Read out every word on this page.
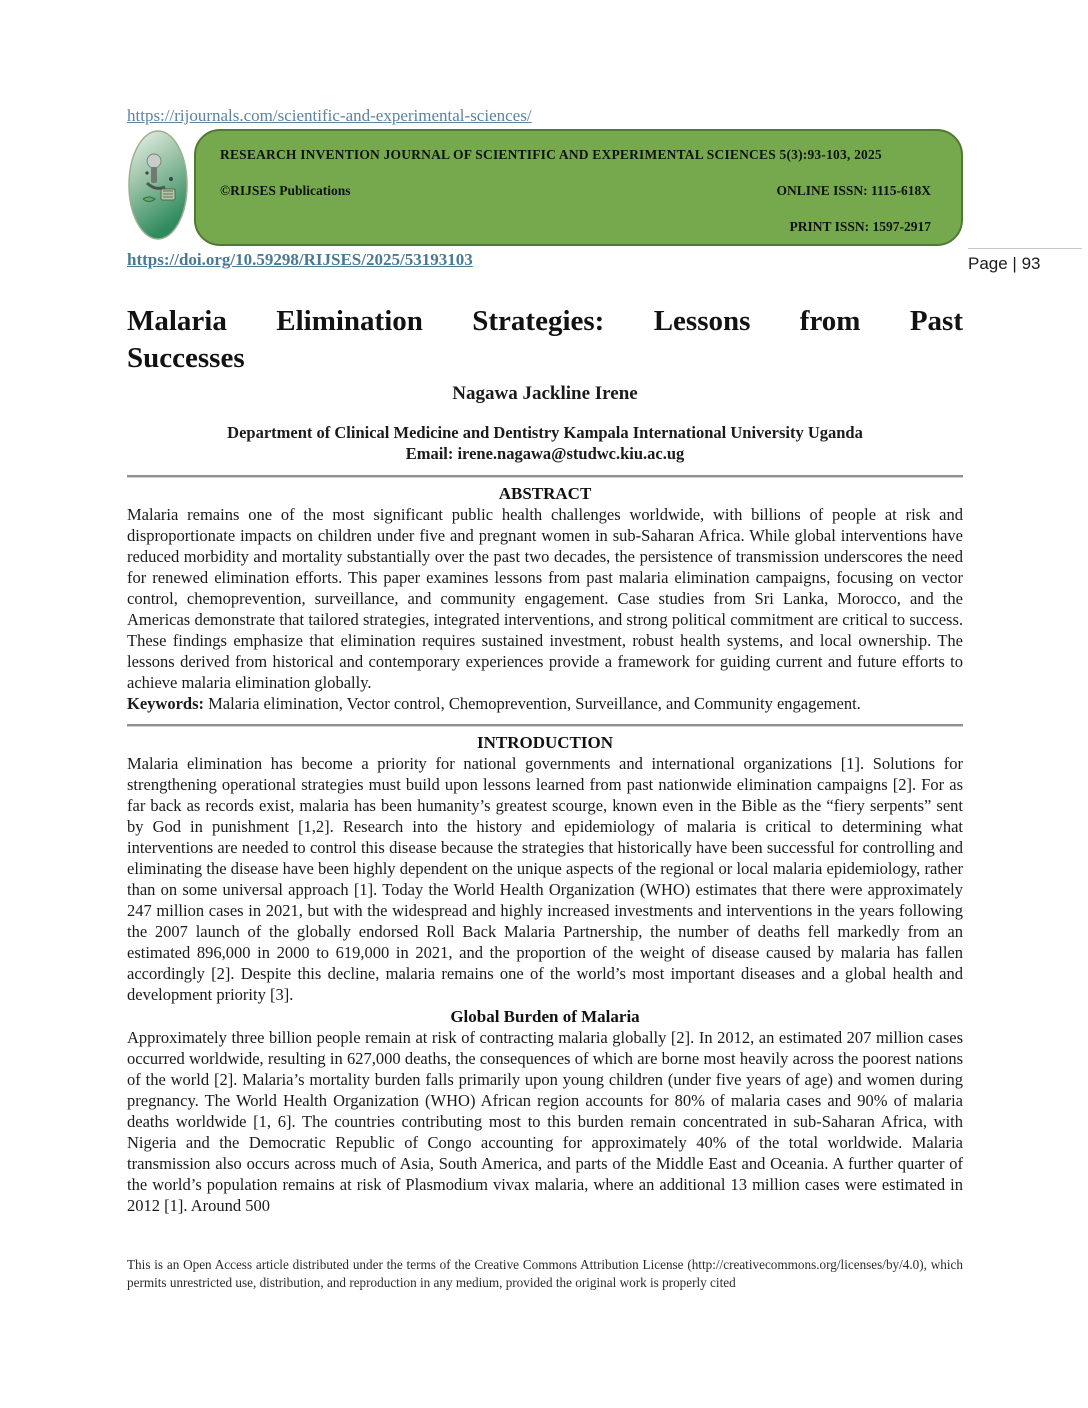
https://rijournals.com/scientific-and-experimental-sciences/
RESEARCH INVENTION JOURNAL OF SCIENTIFIC AND EXPERIMENTAL SCIENCES 5(3):93-103, 2025
©RIJSES Publications	ONLINE ISSN: 1115-618X
PRINT ISSN: 1597-2917
https://doi.org/10.59298/RIJSES/2025/53193103
Malaria Elimination Strategies: Lessons from Past
Successes
Nagawa Jackline Irene
Department of Clinical Medicine and Dentistry Kampala International University Uganda
Email: irene.nagawa@studwc.kiu.ac.ug
ABSTRACT

Malaria remains one of the most significant public health challenges worldwide, with billions of people at risk and disproportionate impacts on children under five and pregnant women in sub-Saharan Africa. While global interventions have reduced morbidity and mortality substantially over the past two decades, the persistence of transmission underscores the need for renewed elimination efforts. This paper examines lessons from past malaria elimination campaigns, focusing on vector control, chemoprevention, surveillance, and community engagement. Case studies from Sri Lanka, Morocco, and the Americas demonstrate that tailored strategies, integrated interventions, and strong political commitment are critical to success. These findings emphasize that elimination requires sustained investment, robust health systems, and local ownership. The lessons derived from historical and contemporary experiences provide a framework for guiding current and future efforts to achieve malaria elimination globally.

Keywords: Malaria elimination, Vector control, Chemoprevention, Surveillance, and Community engagement.
INTRODUCTION

Malaria elimination has become a priority for national governments and international organizations [1]. Solutions for strengthening operational strategies must build upon lessons learned from past nationwide elimination campaigns [2]. For as far back as records exist, malaria has been humanity’s greatest scourge, known even in the Bible as the “fiery serpents” sent by God in punishment [1,2]. Research into the history and epidemiology of malaria is critical to determining what interventions are needed to control this disease because the strategies that historically have been successful for controlling and eliminating the disease have been highly dependent on the unique aspects of the regional or local malaria epidemiology, rather than on some universal approach [1]. Today the World Health Organization (WHO) estimates that there were approximately 247 million cases in 2021, but with the widespread and highly increased investments and interventions in the years following the 2007 launch of the globally endorsed Roll Back Malaria Partnership, the number of deaths fell markedly from an estimated 896,000 in 2000 to 619,000 in 2021, and the proportion of the weight of disease caused by malaria has fallen accordingly [2]. Despite this decline, malaria remains one of the world’s most important diseases and a global health and development priority [3].

Global Burden of Malaria

Approximately three billion people remain at risk of contracting malaria globally [2]. In 2012, an estimated 207 million cases occurred worldwide, resulting in 627,000 deaths, the consequences of which are borne most heavily across the poorest nations of the world [2]. Malaria’s mortality burden falls primarily upon young children (under five years of age) and women during pregnancy. The World Health Organization (WHO) African region accounts for 80% of malaria cases and 90% of malaria deaths worldwide [1, 6]. The countries contributing most to this burden remain concentrated in sub-Saharan Africa, with Nigeria and the Democratic Republic of Congo accounting for approximately 40% of the total worldwide. Malaria transmission also occurs across much of Asia, South America, and parts of the Middle East and Oceania. A further quarter of the world’s population remains at risk of Plasmodium vivax malaria, where an additional 13 million cases were estimated in 2012 [1]. Around 500

This is an Open Access article distributed under the terms of the Creative Commons Attribution License (http://creativecommons.org/licenses/by/4.0), which permits unrestricted use, distribution, and reproduction in any medium, provided the original work is properly cited

Page | 93
